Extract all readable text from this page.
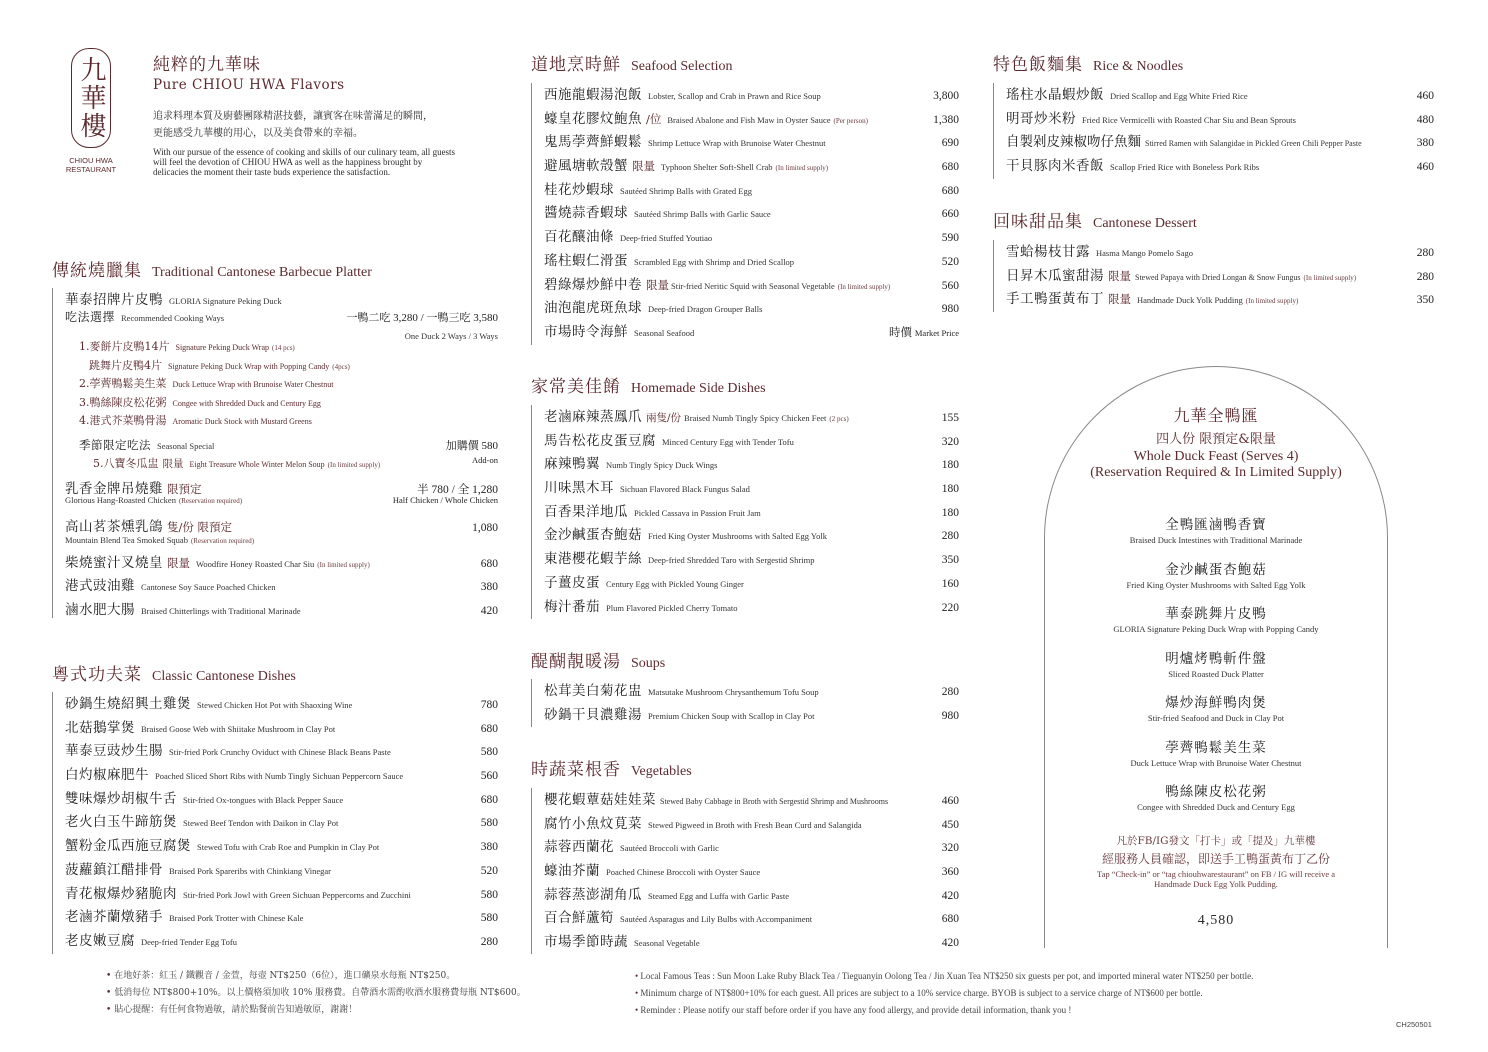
九華樓
CHIOU HWA
RESTAURANT
純粹的九華味
Pure CHIOU HWA Flavors
追求料理本質及廚藝團隊精湛技藝，讓賓客在味蕾滿足的瞬間，
更能感受九華樓的用心，以及美食帶來的幸福。
With our pursue of the essence of cooking and skills of our culinary team, all guests
will feel the devotion of CHIOU HWA as well as the happiness brought by
delicacies the moment their taste buds experience the satisfaction.
傳統燒臘集 Traditional Cantonese Barbecue Platter
華泰招牌片皮鴨 GLORIA Signature Peking Duck
吃法選擇 Recommended Cooking Ways	一鴨二吃 3,280 / 一鴨三吃 3,580
One Duck 2 Ways / 3 Ways
1.麥餅片皮鴨14片 Signature Peking Duck Wrap (14 pcs)
跳舞片皮鴨4片 Signature Peking Duck Wrap with Popping Candy (4pcs)
2.荸薺鴨鬆美生菜 Duck Lettuce Wrap with Brunoise Water Chestnut
3.鴨絲陳皮松花粥 Congee with Shredded Duck and Century Egg
4.港式芥菜鴨骨湯 Aromatic Duck Stock with Mustard Greens
季節限定吃法 Seasonal Special	加購價 580
5.八寶冬瓜盅 限量 Eight Treasure Whole Winter Melon Soup (In limited supply)	Add-on
乳香金牌吊燒雞 限預定	半 780 / 全 1,280
Glorious Hang-Roasted Chicken (Reservation required)	Half Chicken / Whole Chicken
高山茗茶燻乳鴿 隻/份 限預定	1,080
Mountain Blend Tea Smoked Squab (Reservation required)
柴燒蜜汁叉燒皇 限量 Woodfire Honey Roasted Char Siu (In limited supply)	680
港式豉油雞 Cantonese Soy Sauce Poached Chicken	380
滷水肥大腸 Braised Chitterlings with Traditional Marinade	420
粵式功夫菜 Classic Cantonese Dishes
砂鍋生燒紹興土雞煲 Stewed Chicken Hot Pot with Shaoxing Wine	780
北菇鵝掌煲 Braised Goose Web with Shiitake Mushroom in Clay Pot	680
華泰豆豉炒生腸 Stir-fried Pork Crunchy Oviduct with Chinese Black Beans Paste	580
白灼椒麻肥牛 Poached Sliced Short Ribs with Numb Tingly Sichuan Peppercorn Sauce	560
雙味爆炒胡椒牛舌 Stir-fried Ox-tongues with Black Pepper Sauce	680
老火白玉牛蹄筋煲 Stewed Beef Tendon with Daikon in Clay Pot	580
蟹粉金瓜西施豆腐煲 Stewed Tofu with Crab Roe and Pumpkin in Clay Pot	380
菠蘿鎮江醋排骨 Braised Pork Spareribs with Chinkiang Vinegar	520
青花椒爆炒豬脆肉 Stir-fried Pork Jowl with Green Sichuan Peppercorns and Zucchini	580
老滷芥蘭燉豬手 Braised Pork Trotter with Chinese Kale	580
老皮嫩豆腐 Deep-fried Tender Egg Tofu	280
道地烹時鮮 Seafood Selection
西施龍蝦湯泡飯 Lobster, Scallop and Crab in Prawn and Rice Soup	3,800
蠔皇花膠炆鮑魚 /位 Braised Abalone and Fish Maw in Oyster Sauce (Per person)	1,380
鬼馬荸薺鮮蝦鬆 Shrimp Lettuce Wrap with Brunoise Water Chestnut	690
避風塘軟殼蟹 限量 Typhoon Shelter Soft-Shell Crab (In limited supply)	680
桂花炒蝦球 Sautéed Shrimp Balls with Grated Egg	680
醬燒蒜香蝦球 Sautéed Shrimp Balls with Garlic Sauce	660
百花釀油條 Deep-fried Stuffed Youtiao	590
瑤柱蝦仁滑蛋 Scrambled Egg with Shrimp and Dried Scallop	520
碧綠爆炒鮮中卷 限量 Stir-fried Neritic Squid with Seasonal Vegetable (In limited supply)	560
油泡龍虎斑魚球 Deep-fried Dragon Grouper Balls	980
市場時令海鮮 Seasonal Seafood	時價 Market Price
家常美佳餚 Homemade Side Dishes
老滷麻辣蒸鳳爪 兩隻/份 Braised Numb Tingly Spicy Chicken Feet (2 pcs)	155
馬告松花皮蛋豆腐 Minced Century Egg with Tender Tofu	320
麻辣鴨翼 Numb Tingly Spicy Duck Wings	180
川味黑木耳 Sichuan Flavored Black Fungus Salad	180
百香果洋地瓜 Pickled Cassava in Passion Fruit Jam	180
金沙鹹蛋杏鮑菇 Fried King Oyster Mushrooms with Salted Egg Yolk	280
東港櫻花蝦芋絲 Deep-fried Shredded Taro with Sergestid Shrimp	350
子薑皮蛋 Century Egg with Pickled Young Ginger	160
梅汁番茄 Plum Flavored Pickled Cherry Tomato	220
醍醐靚暖湯 Soups
松茸美白菊花盅 Matsutake Mushroom Chrysanthemum Tofu Soup	280
砂鍋干貝濃雞湯 Premium Chicken Soup with Scallop in Clay Pot	980
時蔬菜根香 Vegetables
櫻花蝦蕈菇娃娃菜 Stewed Baby Cabbage in Broth with Sergestid Shrimp and Mushrooms	460
腐竹小魚炆莧菜 Stewed Pigweed in Broth with Fresh Bean Curd and Salangida	450
蒜蓉西蘭花 Sautéed Broccoli with Garlic	320
蠔油芥蘭 Poached Chinese Broccoli with Oyster Sauce	360
蒜蓉蒸澎湖角瓜 Steamed Egg and Luffa with Garlic Paste	420
百合鮮蘆筍 Sautéed Asparagus and Lily Bulbs with Accompaniment	680
市場季節時蔬 Seasonal Vegetable	420
特色飯麵集 Rice & Noodles
瑤柱水晶蝦炒飯 Dried Scallop and Egg White Fried Rice	460
明哥炒米粉 Fried Rice Vermicelli with Roasted Char Siu and Bean Sprouts	480
自製剁皮辣椒吻仔魚麵 Stirred Ramen with Salangidae in Pickled Green Chili Pepper Paste	380
干貝豚肉米香飯 Scallop Fried Rice with Boneless Pork Ribs	460
回味甜品集 Cantonese Dessert
雪蛤楊枝甘露 Hasma Mango Pomelo Sago	280
日昇木瓜蜜甜湯 限量 Stewed Papaya with Dried Longan & Snow Fungus (In limited supply)	280
手工鴨蛋黃布丁 限量 Handmade Duck Yolk Pudding (In limited supply)	350
九華全鴨匯
四人份 限預定&限量
Whole Duck Feast (Serves 4)
(Reservation Required & In Limited Supply)
全鴨匯滷鴨香寶
Braised Duck Intestines with Traditional Marinade
金沙鹹蛋杏鮑菇
Fried King Oyster Mushrooms with Salted Egg Yolk
華泰跳舞片皮鴨
GLORIA Signature Peking Duck Wrap with Popping Candy
明爐烤鴨斬件盤
Sliced Roasted Duck Platter
爆炒海鮮鴨肉煲
Stir-fried Seafood and Duck in Clay Pot
荸薺鴨鬆美生菜
Duck Lettuce Wrap with Brunoise Water Chestnut
鴨絲陳皮松花粥
Congee with Shredded Duck and Century Egg
凡於FB/IG發文「打卡」或「提及」九華樓
經服務人員確認，即送手工鴨蛋黃布丁乙份
Tap “Check-in” or “tag chiouhwarestaurant” on FB / IG will receive a
Handmade Duck Egg Yolk Pudding.
4,580
• 在地好茶：紅玉 / 鐵觀音 / 金萱，每壺 NT$250（6位），進口礦泉水每瓶 NT$250。
• 低消每位 NT$800+10%。以上價格須加收 10% 服務費。自帶酒水需酌收酒水服務費每瓶 NT$600。
• 貼心提醒：有任何食物過敏，請於點餐前告知過敏原，謝謝！
• Local Famous Teas : Sun Moon Lake Ruby Black Tea / Tieguanyin Oolong Tea / Jin Xuan Tea NT$250 six guests per pot, and imported mineral water NT$250 per bottle.
• Minimum charge of NT$800+10% for each guest. All prices are subject to a 10% service charge. BYOB is subject to a service charge of NT$600 per bottle.
• Reminder : Please notify our staff before order if you have any food allergy, and provide detail information, thank you !
CH250501
